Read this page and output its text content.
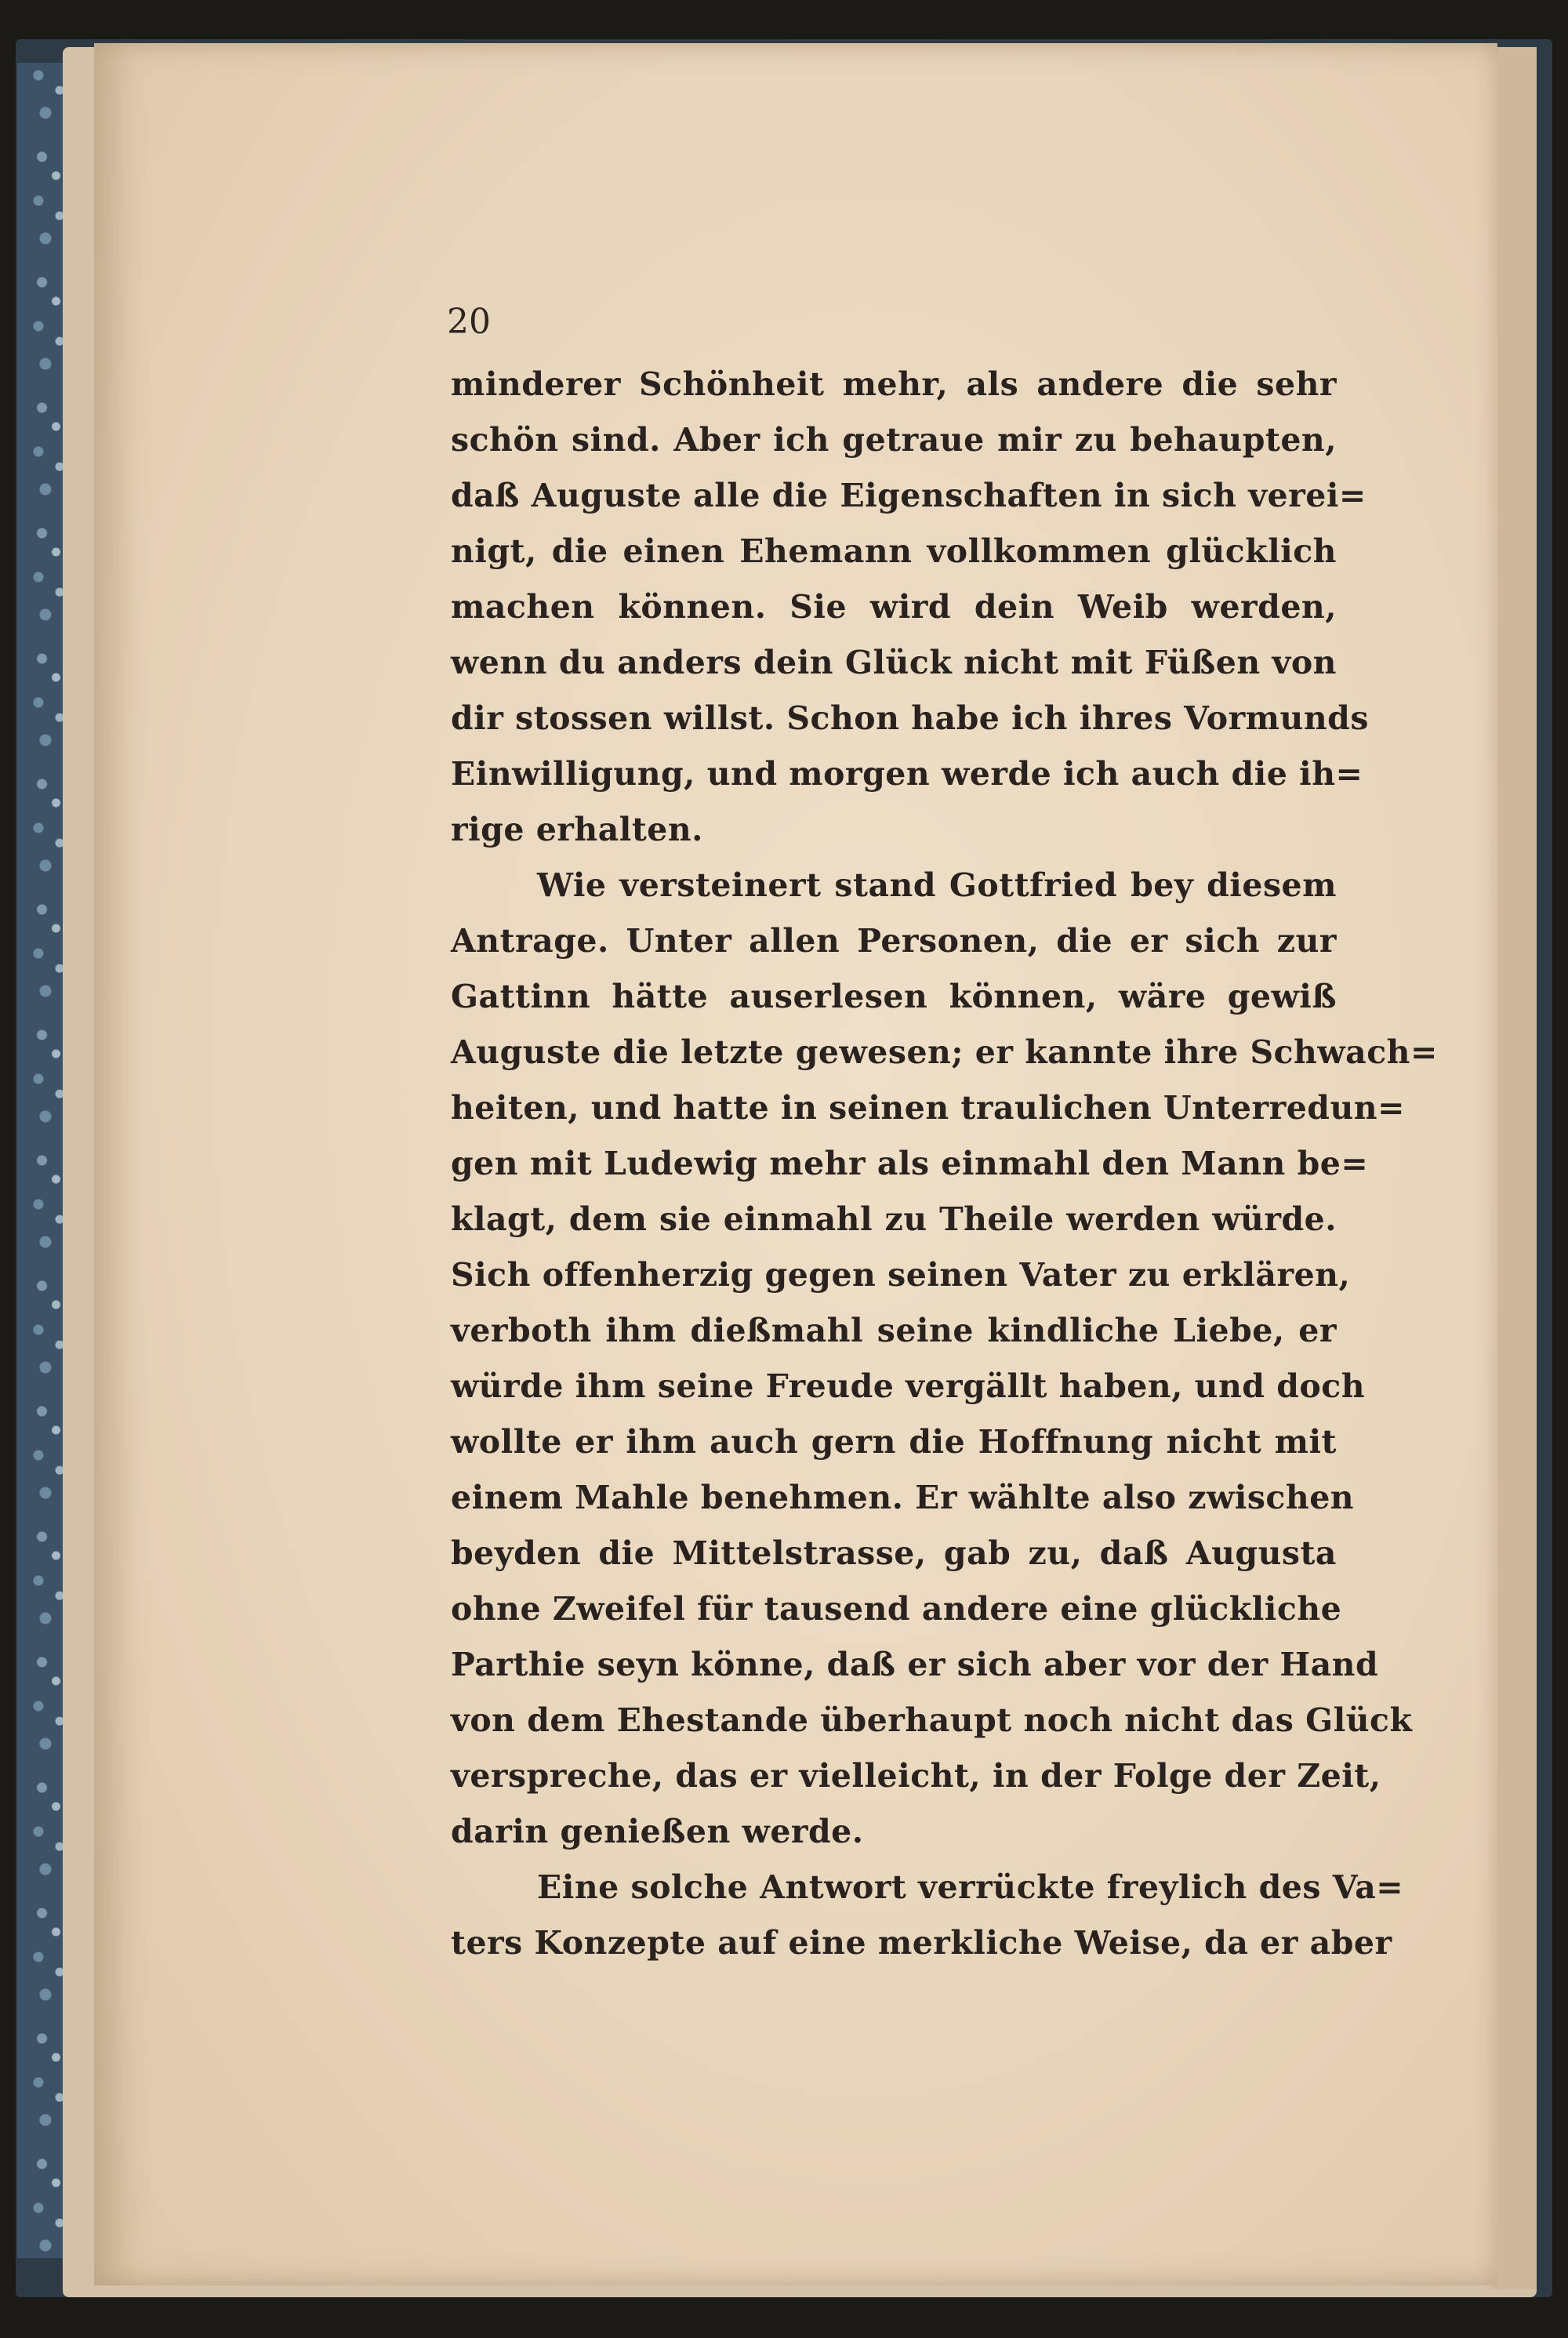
20
minderer Schönheit mehr, als andere die sehr
schön sind. Aber ich getraue mir zu behaupten,
daß Auguste alle die Eigenschaften in sich verei=
nigt, die einen Ehemann vollkommen glücklich
machen können. Sie wird dein Weib werden,
wenn du anders dein Glück nicht mit Füßen von
dir stossen willst. Schon habe ich ihres Vormunds
Einwilligung, und morgen werde ich auch die ih=
rige erhalten.
Wie versteinert stand Gottfried bey diesem
Antrage. Unter allen Personen, die er sich zur
Gattinn hätte auserlesen können, wäre gewiß
Auguste die letzte gewesen; er kannte ihre Schwach=
heiten, und hatte in seinen traulichen Unterredun=
gen mit Ludewig mehr als einmahl den Mann be=
klagt, dem sie einmahl zu Theile werden würde.
Sich offenherzig gegen seinen Vater zu erklären,
verboth ihm dießmahl seine kindliche Liebe, er
würde ihm seine Freude vergällt haben, und doch
wollte er ihm auch gern die Hoffnung nicht mit
einem Mahle benehmen. Er wählte also zwischen
beyden die Mittelstrasse, gab zu, daß Augusta
ohne Zweifel für tausend andere eine glückliche
Parthie seyn könne, daß er sich aber vor der Hand
von dem Ehestande überhaupt noch nicht das Glück
verspreche, das er vielleicht, in der Folge der Zeit,
darin genießen werde.
Eine solche Antwort verrückte freylich des Va=
ters Konzepte auf eine merkliche Weise, da er aber
